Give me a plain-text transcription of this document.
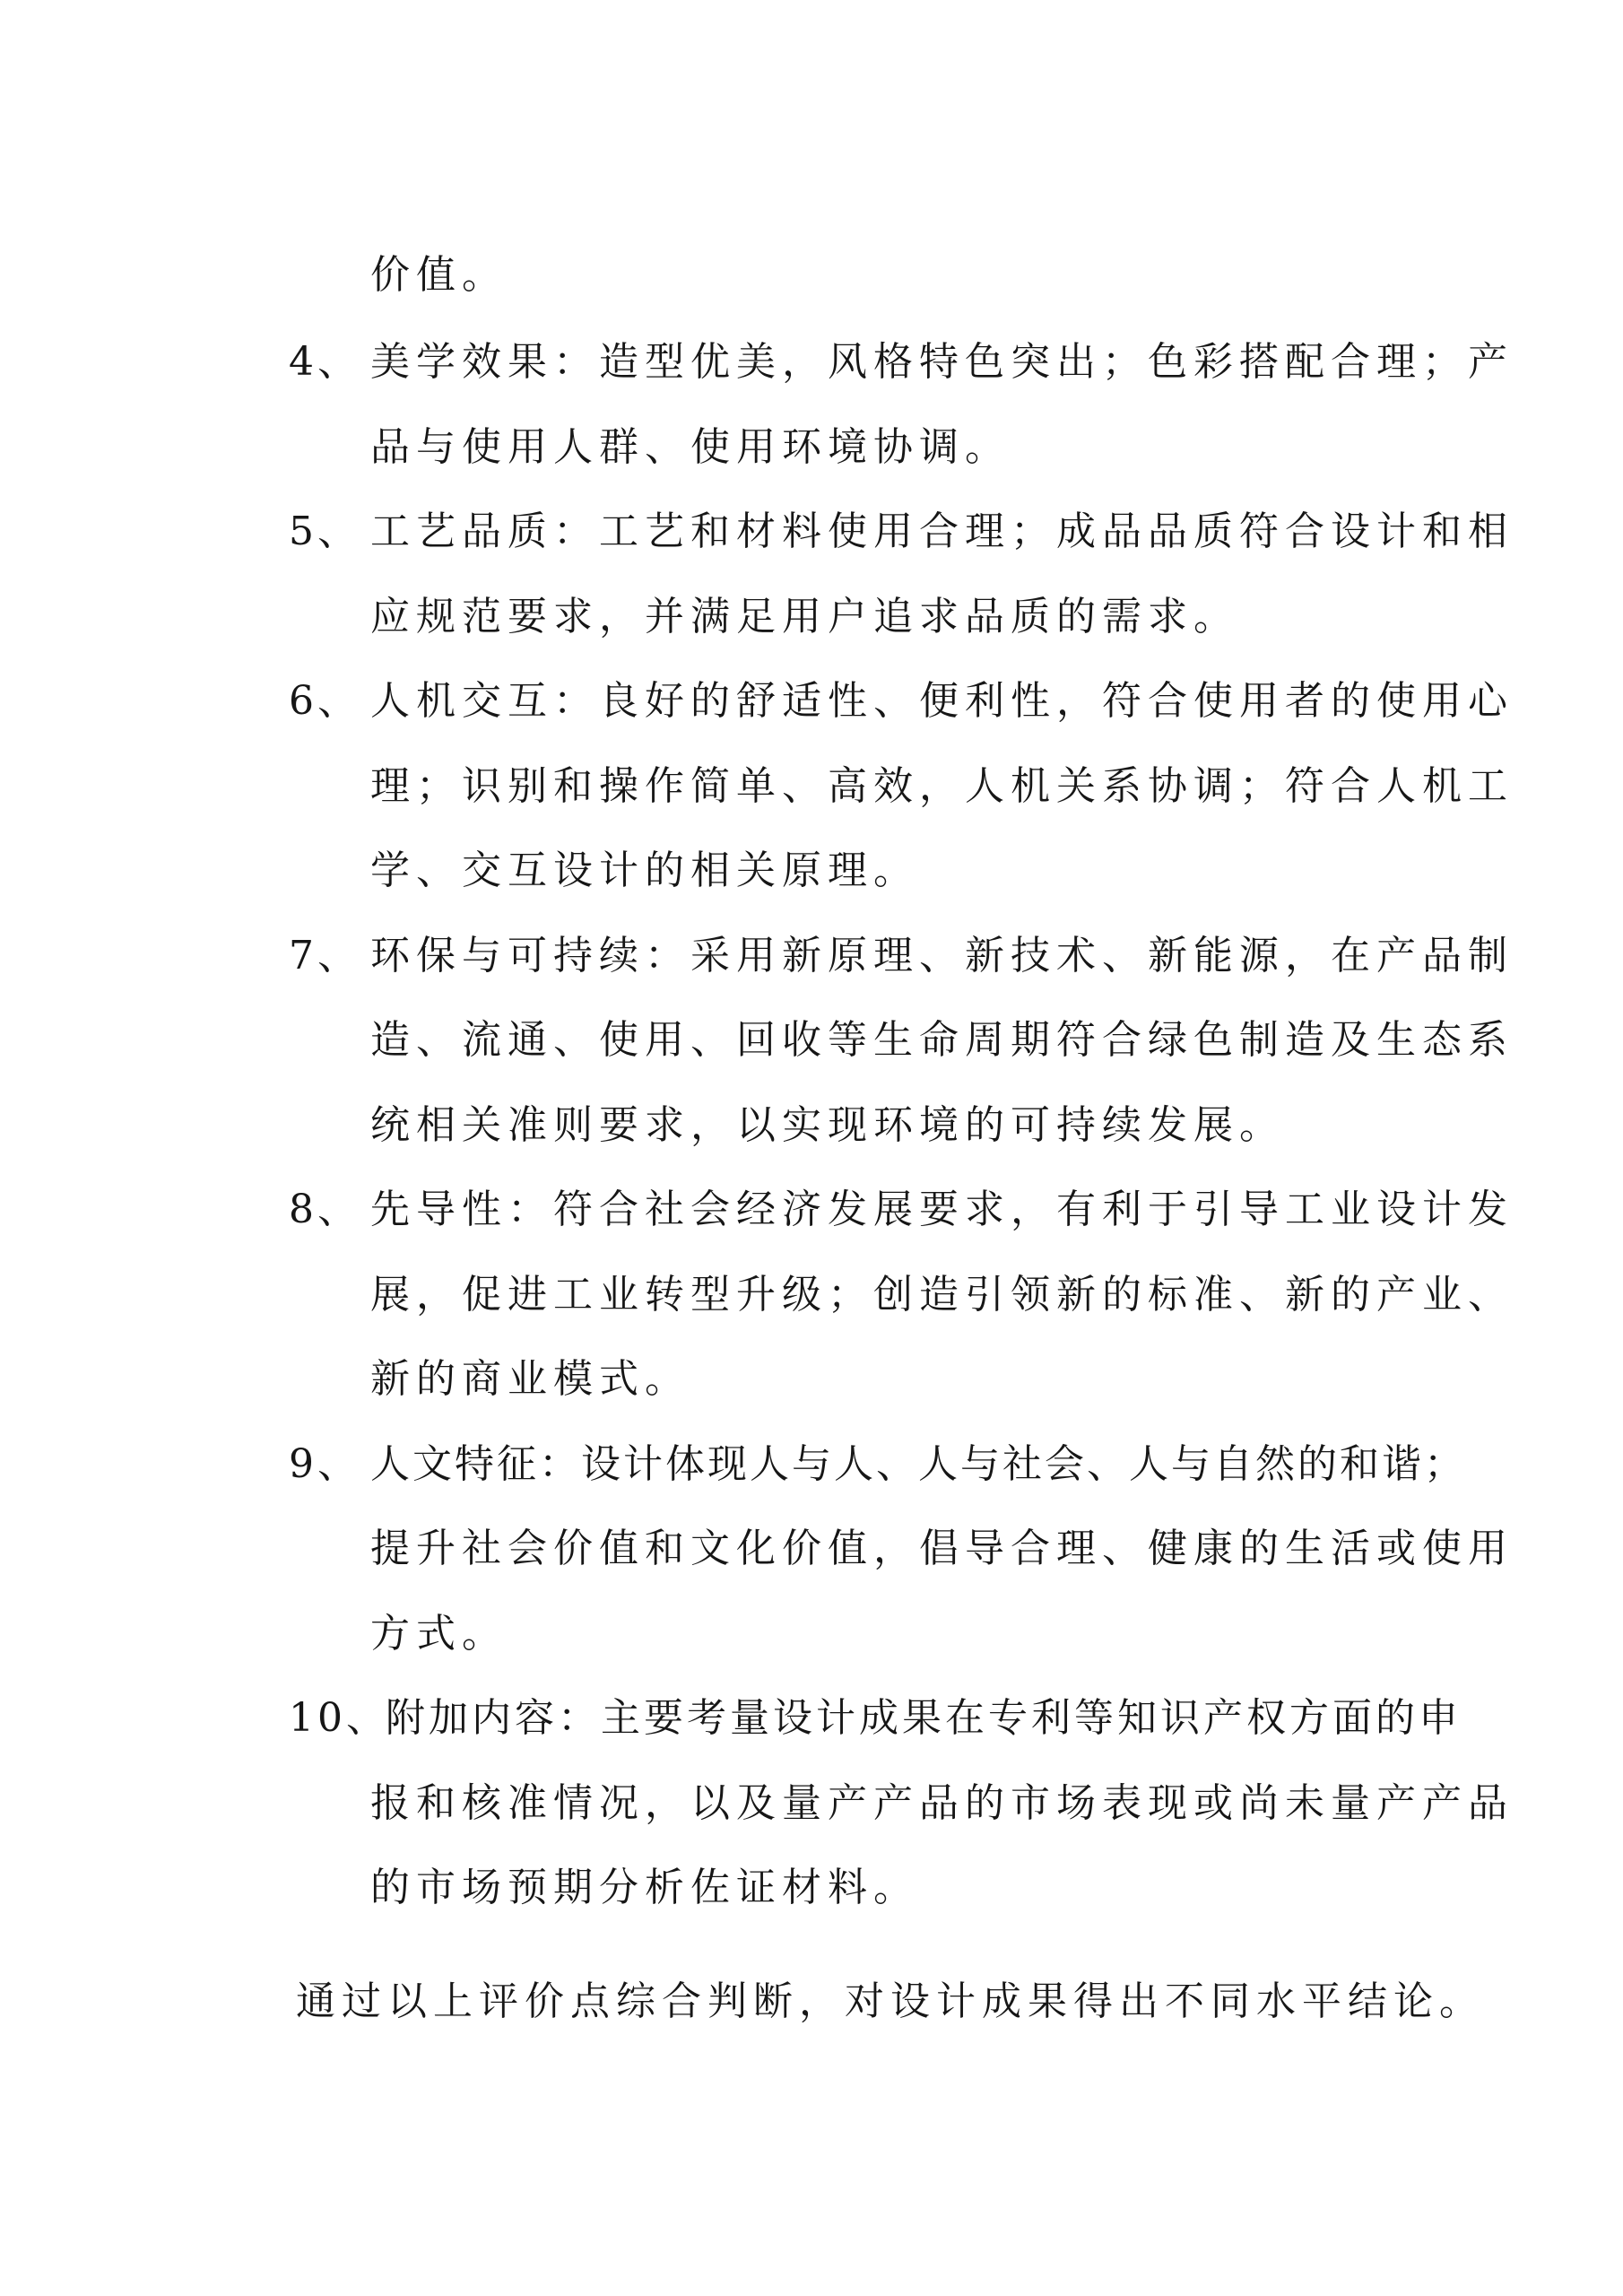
价值。
4、 美学效果：造型优美，风格特色突出；色彩搭配合理；产
品与使用人群、使用环境协调。
5、 工艺品质：工艺和材料使用合理；成品品质符合设计和相
应规范要求，并满足用户追求品质的需求。
6、 人机交互：良好的舒适性、便利性，符合使用者的使用心
理；识别和操作简单、高效，人机关系协调；符合人机工
学、交互设计的相关原理。
7、 环保与可持续：采用新原理、新技术、新能源，在产品制
造、流通、使用、回收等生命周期符合绿色制造及生态系
统相关准则要求，以实现环境的可持续发展。
8、 先导性：符合社会经济发展要求，有利于引导工业设计发
展，促进工业转型升级；创造引领新的标准、新的产业、
新的商业模式。
9、 人文特征：设计体现人与人、人与社会、人与自然的和谐；
提升社会价值和文化价值，倡导合理、健康的生活或使用
方式。
10、
附加内容：主要考量设计成果在专利等知识产权方面的申
报和核准情况，以及量产产品的市场表现或尚未量产产品
的市场预期分析佐证材料。
通过以上评价点综合判断，对设计成果得出不同水平结论。
